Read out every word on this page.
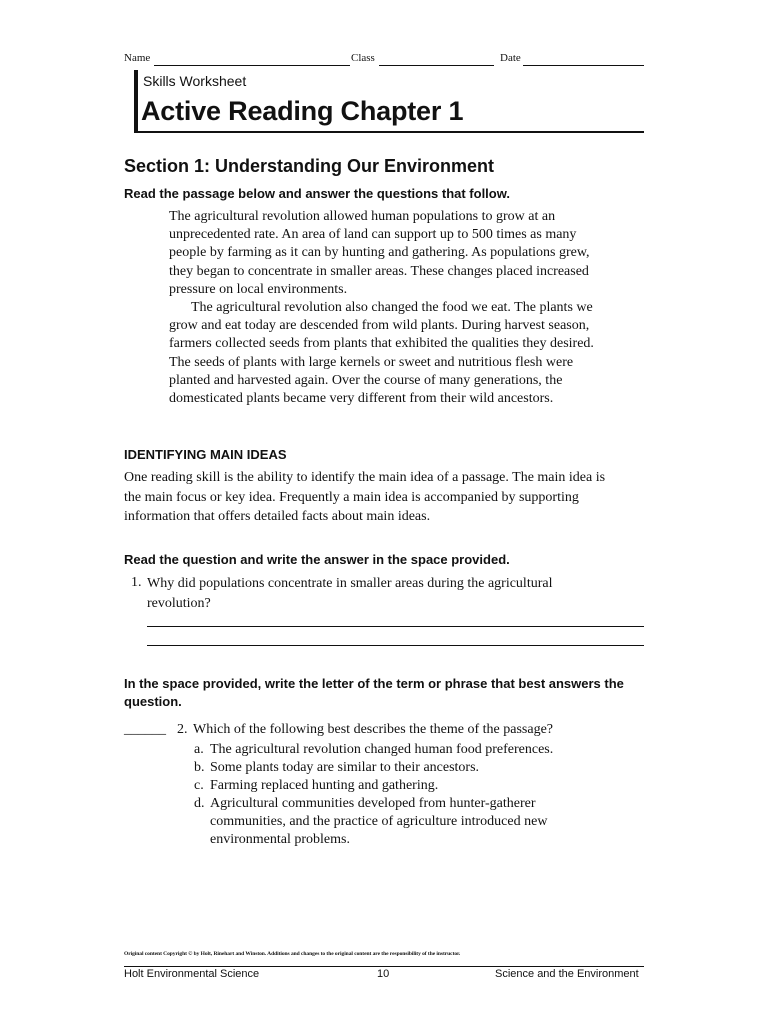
Name	Class	Date
Skills Worksheet
Active Reading Chapter 1
Section 1: Understanding Our Environment
Read the passage below and answer the questions that follow.

The agricultural revolution allowed human populations to grow at an unprecedented rate. An area of land can support up to 500 times as many people by farming as it can by hunting and gathering. As populations grew, they began to concentrate in smaller areas. These changes placed increased pressure on local environments.

The agricultural revolution also changed the food we eat. The plants we grow and eat today are descended from wild plants. During harvest season, farmers collected seeds from plants that exhibited the qualities they desired. The seeds of plants with large kernels or sweet and nutritious flesh were planted and harvested again. Over the course of many generations, the domesticated plants became very different from their wild ancestors.

IDENTIFYING MAIN IDEAS

One reading skill is the ability to identify the main idea of a passage. The main idea is the main focus or key idea. Frequently a main idea is accompanied by supporting information that offers detailed facts about main ideas.

Read the question and write the answer in the space provided.
1. Why did populations concentrate in smaller areas during the agricultural revolution?
In the space provided, write the letter of the term or phrase that best answers the question.
______ 2. Which of the following best describes the theme of the passage?
a. The agricultural revolution changed human food preferences.
b. Some plants today are similar to their ancestors.
c. Farming replaced hunting and gathering.
d. Agricultural communities developed from hunter-gatherer communities, and the practice of agriculture introduced new environmental problems.
Original content Copyright © by Holt, Rinehart and Winston. Additions and changes to the original content are the responsibility of the instructor.
Holt Environmental Science	10	Science and the Environment
